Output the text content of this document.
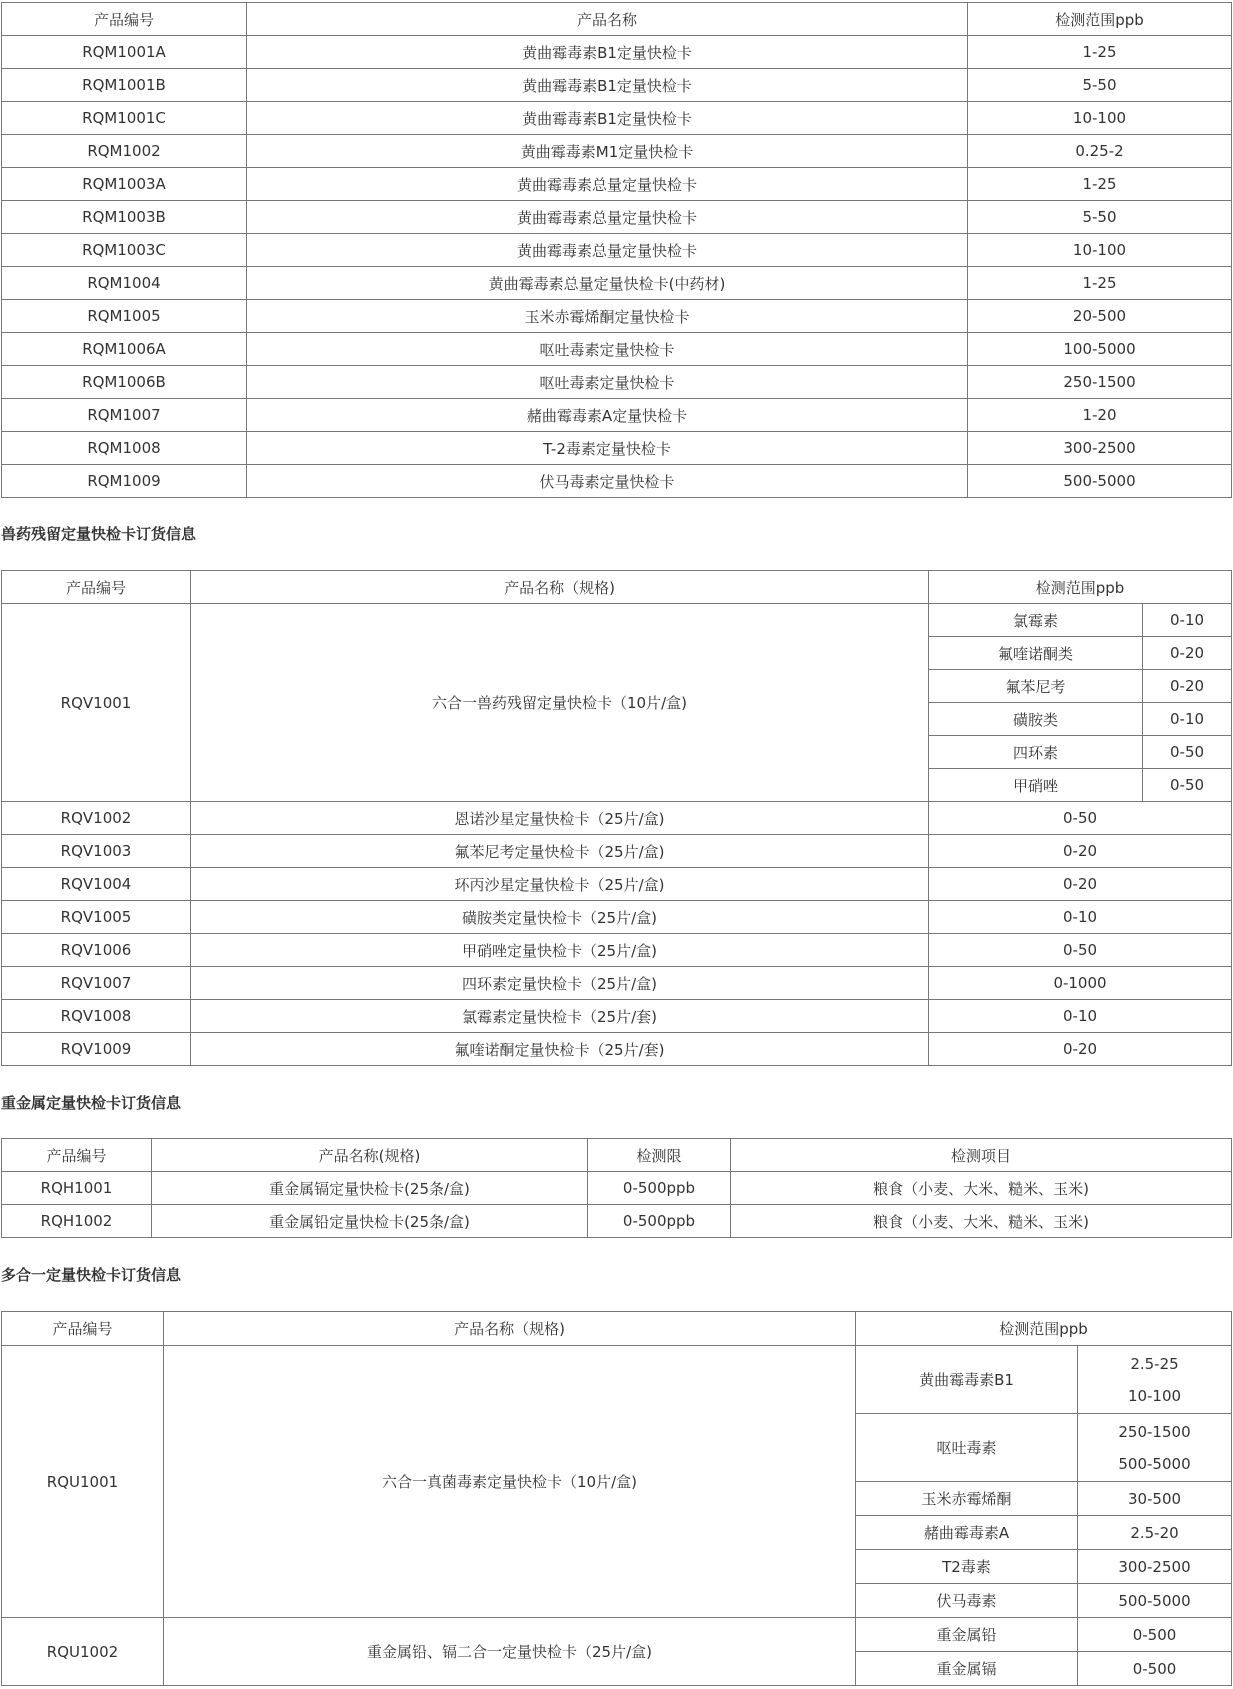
产品编号	产品名称	检测范围ppb
RQM1001A	黄曲霉毒素B1定量快检卡	1-25
RQM1001B	黄曲霉毒素B1定量快检卡	5-50
RQM1001C	黄曲霉毒素B1定量快检卡	10-100
RQM1002	黄曲霉毒素M1定量快检卡	0.25-2
RQM1003A	黄曲霉毒素总量定量快检卡	1-25
RQM1003B	黄曲霉毒素总量定量快检卡	5-50
RQM1003C	黄曲霉毒素总量定量快检卡	10-100
RQM1004	黄曲霉毒素总量定量快检卡(中药材)	1-25
RQM1005	玉米赤霉烯酮定量快检卡	20-500
RQM1006A	呕吐毒素定量快检卡	100-5000
RQM1006B	呕吐毒素定量快检卡	250-1500
RQM1007	赭曲霉毒素A定量快检卡	1-20
RQM1008	T-2毒素定量快检卡	300-2500
RQM1009	伏马毒素定量快检卡	500-5000
兽药残留定量快检卡订货信息
产品编号	产品名称（规格)	检测范围ppb	
RQV1001	六合一兽药残留定量快检卡（10片/盒)	氯霉素	0-10
		氟喹诺酮类	0-20
		氟苯尼考	0-20
		磺胺类	0-10
		四环素	0-50
		甲硝唑	0-50
RQV1002	恩诺沙星定量快检卡（25片/盒)	0-50	
RQV1003	氟苯尼考定量快检卡（25片/盒)	0-20	
RQV1004	环丙沙星定量快检卡（25片/盒)	0-20	
RQV1005	磺胺类定量快检卡（25片/盒)	0-10	
RQV1006	甲硝唑定量快检卡（25片/盒)	0-50	
RQV1007	四环素定量快检卡（25片/盒)	0-1000	
RQV1008	氯霉素定量快检卡（25片/套)	0-10	
RQV1009	氟喹诺酮定量快检卡（25片/套)	0-20	
重金属定量快检卡订货信息
产品编号	产品名称(规格)	检测限	检测项目
RQH1001	重金属镉定量快检卡(25条/盒)	0-500ppb	粮食（小麦、大米、糙米、玉米)
RQH1002	重金属铅定量快检卡(25条/盒)	0-500ppb	粮食（小麦、大米、糙米、玉米)
多合一定量快检卡订货信息
产品编号	产品名称（规格)	检测范围ppb	
RQU1001	六合一真菌毒素定量快检卡（10片/盒)	黄曲霉毒素B1	2.5-25
10-100

		呕吐毒素	250-1500
500-5000

		玉米赤霉烯酮	30-500

		赭曲霉毒素A	2.5-20

		T2毒素	300-2500

		伏马毒素	500-5000

RQU1002	重金属铅、镉二合一定量快检卡（25片/盒)	重金属铅	0-500
		重金属镉	0-500
